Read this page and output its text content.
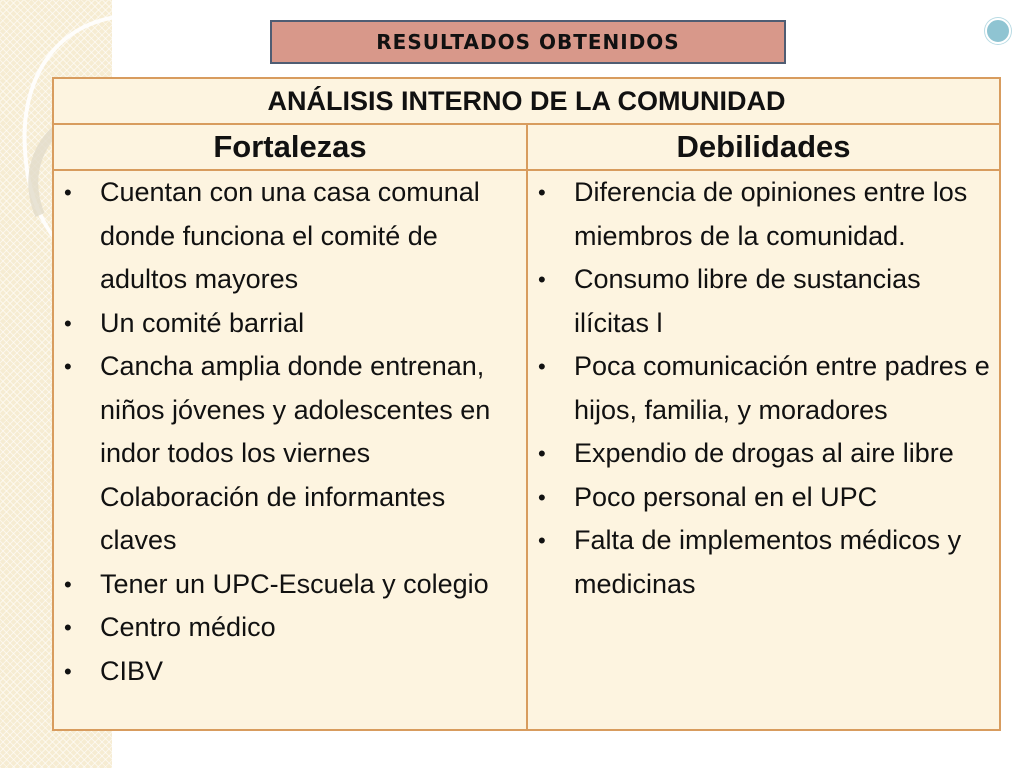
RESULTADOS OBTENIDOS
ANÁLISIS INTERNO DE LA COMUNIDAD
Fortalezas	Debilidades
• Cuentan con una casa comunal donde funciona el comité de adultos mayores
• Un comité barrial
• Cancha amplia donde entrenan, niños jóvenes y adolescentes en indor todos los viernes Colaboración de informantes claves
• Tener un UPC-Escuela y colegio
• Centro médico
• CIBV
• Diferencia de opiniones entre los miembros de la comunidad.
• Consumo libre de sustancias ilícitas l
• Poca comunicación entre padres e hijos, familia, y moradores
• Expendio de drogas al aire libre
• Poco personal en el UPC
• Falta de implementos médicos y medicinas
